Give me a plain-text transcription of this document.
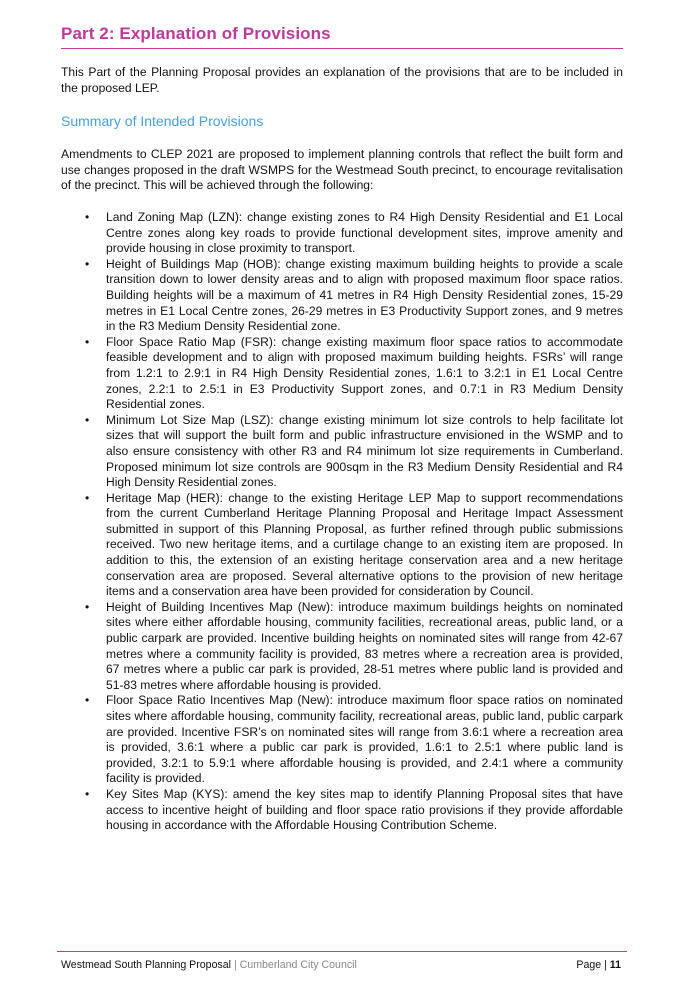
Part 2: Explanation of Provisions
This Part of the Planning Proposal provides an explanation of the provisions that are to be included in the proposed LEP.
Summary of Intended Provisions
Amendments to CLEP 2021 are proposed to implement planning controls that reflect the built form and use changes proposed in the draft WSMPS for the Westmead South precinct, to encourage revitalisation of the precinct. This will be achieved through the following:
• Land Zoning Map (LZN): change existing zones to R4 High Density Residential and E1 Local Centre zones along key roads to provide functional development sites, improve amenity and provide housing in close proximity to transport.
• Height of Buildings Map (HOB): change existing maximum building heights to provide a scale transition down to lower density areas and to align with proposed maximum floor space ratios. Building heights will be a maximum of 41 metres in R4 High Density Residential zones, 15-29 metres in E1 Local Centre zones, 26-29 metres in E3 Productivity Support zones, and 9 metres in the R3 Medium Density Residential zone.
• Floor Space Ratio Map (FSR): change existing maximum floor space ratios to accommodate feasible development and to align with proposed maximum building heights. FSRs’ will range from 1.2:1 to 2.9:1 in R4 High Density Residential zones, 1.6:1 to 3.2:1 in E1 Local Centre zones, 2.2:1 to 2.5:1 in E3 Productivity Support zones, and 0.7:1 in R3 Medium Density Residential zones.
• Minimum Lot Size Map (LSZ): change existing minimum lot size controls to help facilitate lot sizes that will support the built form and public infrastructure envisioned in the WSMP and to also ensure consistency with other R3 and R4 minimum lot size requirements in Cumberland. Proposed minimum lot size controls are 900sqm in the R3 Medium Density Residential and R4 High Density Residential zones.
• Heritage Map (HER): change to the existing Heritage LEP Map to support recommendations from the current Cumberland Heritage Planning Proposal and Heritage Impact Assessment submitted in support of this Planning Proposal, as further refined through public submissions received. Two new heritage items, and a curtilage change to an existing item are proposed. In addition to this, the extension of an existing heritage conservation area and a new heritage conservation area are proposed. Several alternative options to the provision of new heritage items and a conservation area have been provided for consideration by Council.
• Height of Building Incentives Map (New): introduce maximum buildings heights on nominated sites where either affordable housing, community facilities, recreational areas, public land, or a public carpark are provided. Incentive building heights on nominated sites will range from 42-67 metres where a community facility is provided, 83 metres where a recreation area is provided, 67 metres where a public car park is provided, 28-51 metres where public land is provided and 51-83 metres where affordable housing is provided.
• Floor Space Ratio Incentives Map (New): introduce maximum floor space ratios on nominated sites where affordable housing, community facility, recreational areas, public land, public carpark are provided. Incentive FSR’s on nominated sites will range from 3.6:1 where a recreation area is provided, 3.6:1 where a public car park is provided, 1.6:1 to 2.5:1 where public land is provided, 3.2:1 to 5.9:1 where affordable housing is provided, and 2.4:1 where a community facility is provided.
• Key Sites Map (KYS): amend the key sites map to identify Planning Proposal sites that have access to incentive height of building and floor space ratio provisions if they provide affordable housing in accordance with the Affordable Housing Contribution Scheme.
Westmead South Planning Proposal | Cumberland City Council	Page | 11
